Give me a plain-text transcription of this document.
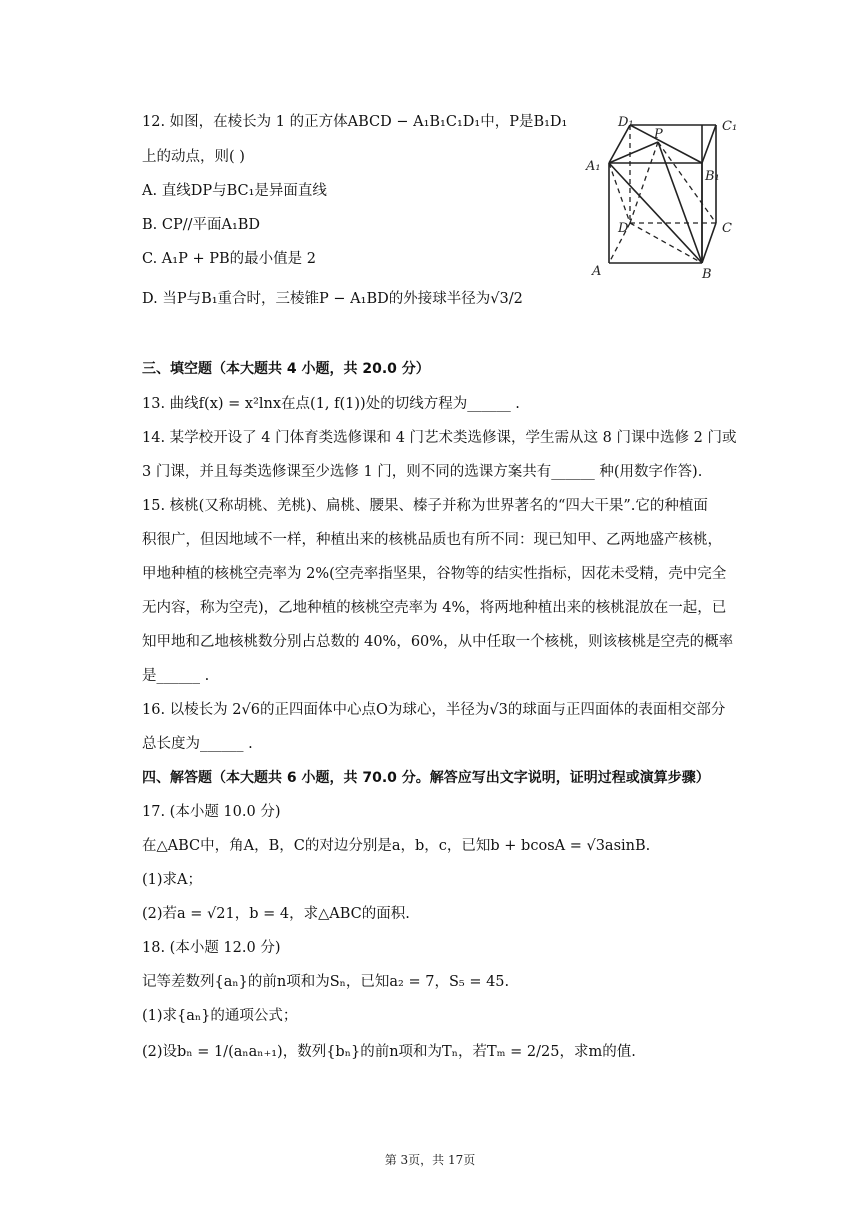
12. 如图，在棱长为 1 的正方体ABCD − A₁B₁C₁D₁中，P是B₁D₁
上的动点，则( )
A. 直线DP与BC₁是异面直线
B. CP//平面A₁BD
C. A₁P + PB的最小值是 2
D. 当P与B₁重合时，三棱锥P − A₁BD的外接球半径为√3/2
D₁
P
C₁
A₁
B₁
D	C
A	B
三、填空题（本大题共 4 小题，共 20.0 分）
13. 曲线f(x) = x²lnx在点(1, f(1))处的切线方程为______ .
14. 某学校开设了 4 门体育类选修课和 4 门艺术类选修课，学生需从这 8 门课中选修 2 门或
3 门课，并且每类选修课至少选修 1 门，则不同的选课方案共有______ 种(用数字作答).
15. 核桃(又称胡桃、羌桃)、扁桃、腰果、榛子并称为世界著名的“四大干果”.它的种植面
积很广，但因地域不一样，种植出来的核桃品质也有所不同：现已知甲、乙两地盛产核桃，
甲地种植的核桃空壳率为 2%(空壳率指坚果，谷物等的结实性指标，因花未受精，壳中完全
无内容，称为空壳)，乙地种植的核桃空壳率为 4%，将两地种植出来的核桃混放在一起，已
知甲地和乙地核桃数分别占总数的 40%，60%，从中任取一个核桃，则该核桃是空壳的概率
是______ .
16. 以棱长为 2√6的正四面体中心点O为球心，半径为√3的球面与正四面体的表面相交部分
总长度为______ .
四、解答题（本大题共 6 小题，共 70.0 分。解答应写出文字说明，证明过程或演算步骤）
17. (本小题 10.0 分)
在△ABC中，角A，B，C的对边分别是a，b，c，已知b + bcosA = √3asinB.
(1)求A；
(2)若a = √21，b = 4，求△ABC的面积.
18. (本小题 12.0 分)
记等差数列{aₙ}的前n项和为Sₙ，已知a₂ = 7，S₅ = 45.
(1)求{aₙ}的通项公式；
(2)设bₙ = 1/(aₙaₙ₊₁)，数列{bₙ}的前n项和为Tₙ，若Tₘ = 2/25，求m的值.
第 3页，共 17页
